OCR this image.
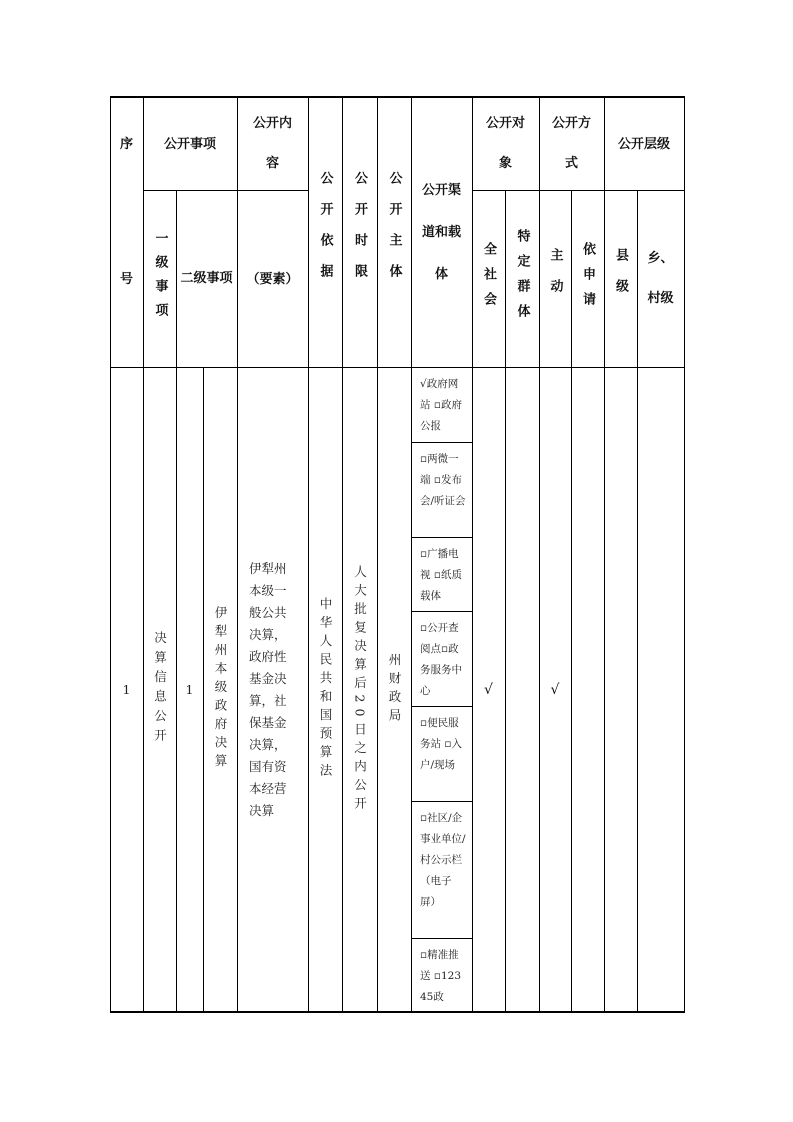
序
号
公开事项
一级事项 二级事项
公开内容
（要素） 公开依据 公开时限 公开主体 公开渠道和载体
公开对象
全社会 特定群体
公开方式
主动 依申请
公开层级
县级 乡、村级
1 决算信息公开 1 伊犁州本级政府决算
伊犁州本级一般公共决算，政府性基金决算，社保基金决算，国有资本经营决算
中华人民共和国预算法 人大批复决算后20日之内公开 州财政局
√政府网站 ▫政府公报
▫两微一端 ▫发布会/听证会
▫广播电视 ▫纸质载体
▫公开查阅点▫政务服务中心
▫便民服务站 ▫入户/现场
▫社区/企事业单位/村公示栏（电子屏）
▫精准推送 ▫12345政
√	√
